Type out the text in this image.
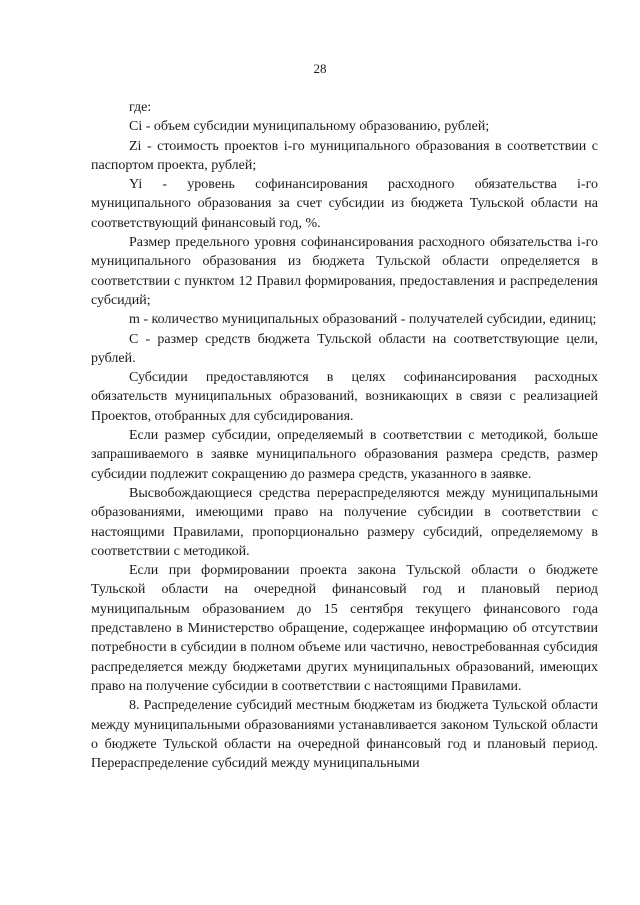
28

где:

Ci - объем субсидии муниципальному образованию, рублей;

Zi - стоимость проектов i-го муниципального образования в соответствии с паспортом проекта, рублей;

Yi - уровень софинансирования расходного обязательства i-го муниципального образования за счет субсидии из бюджета Тульской области на соответствующий финансовый год, %.

Размер предельного уровня софинансирования расходного обязательства i-го муниципального образования из бюджета Тульской области определяется в соответствии с пунктом 12 Правил формирования, предоставления и распределения субсидий;

m - количество муниципальных образований - получателей субсидии, единиц;

C - размер средств бюджета Тульской области на соответствующие цели, рублей.

Субсидии предоставляются в целях софинансирования расходных обязательств муниципальных образований, возникающих в связи с реализацией Проектов, отобранных для субсидирования.

Если размер субсидии, определяемый в соответствии с методикой, больше запрашиваемого в заявке муниципального образования размера средств, размер субсидии подлежит сокращению до размера средств, указанного в заявке.

Высвобождающиеся средства перераспределяются между муниципальными образованиями, имеющими право на получение субсидии в соответствии с настоящими Правилами, пропорционально размеру субсидий, определяемому в соответствии с методикой.

Если при формировании проекта закона Тульской области о бюджете Тульской области на очередной финансовый год и плановый период муниципальным образованием до 15 сентября текущего финансового года представлено в Министерство обращение, содержащее информацию об отсутствии потребности в субсидии в полном объеме или частично, невостребованная субсидия распределяется между бюджетами других муниципальных образований, имеющих право на получение субсидии в соответствии с настоящими Правилами.

8. Распределение субсидий местным бюджетам из бюджета Тульской области между муниципальными образованиями устанавливается законом Тульской области о бюджете Тульской области на очередной финансовый год и плановый период. Перераспределение субсидий между муниципальными
